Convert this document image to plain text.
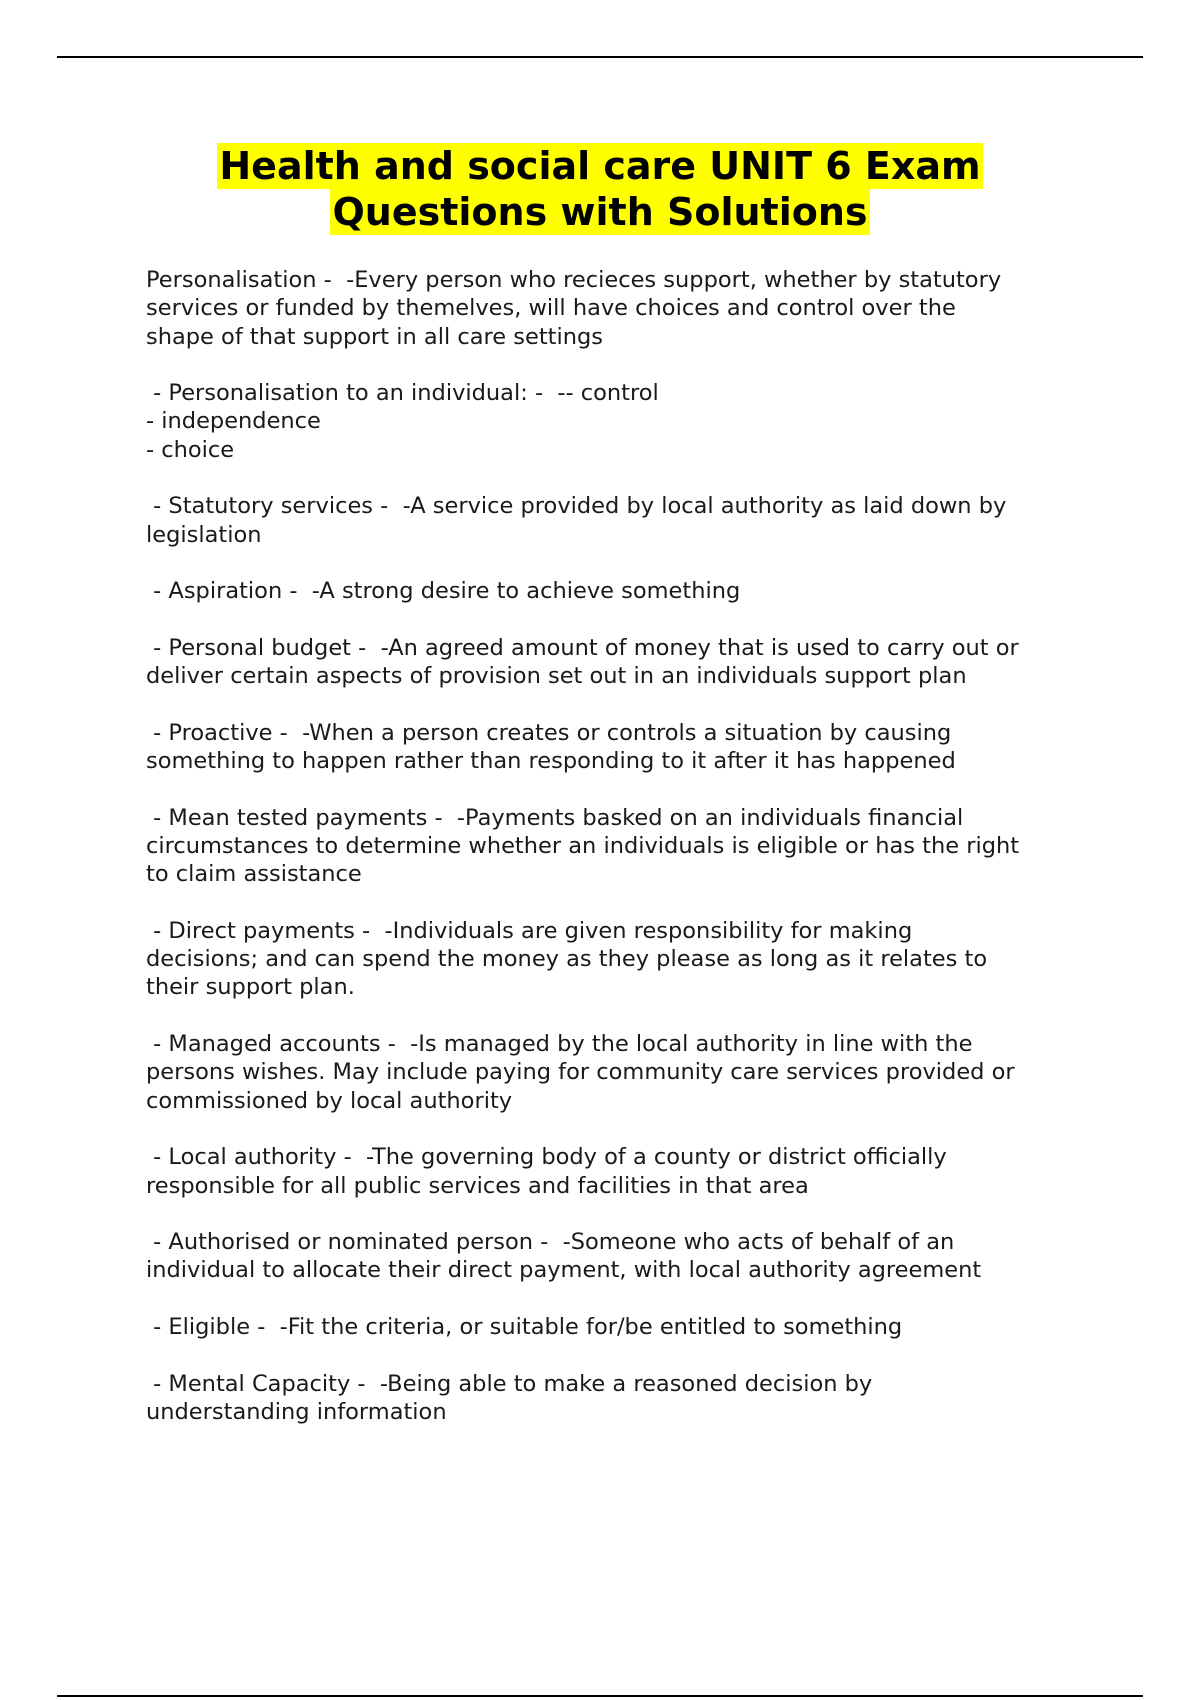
Health and social care UNIT 6 Exam
Questions with Solutions
Personalisation -  -Every person who recieces support, whether by statutory
services or funded by themelves, will have choices and control over the
shape of that support in all care settings
- Personalisation to an individual: -  -- control
- independence
- choice
- Statutory services -  -A service provided by local authority as laid down by
legislation
- Aspiration -  -A strong desire to achieve something
- Personal budget -  -An agreed amount of money that is used to carry out or
deliver certain aspects of provision set out in an individuals support plan
- Proactive -  -When a person creates or controls a situation by causing
something to happen rather than responding to it after it has happened
- Mean tested payments -  -Payments basked on an individuals financial
circumstances to determine whether an individuals is eligible or has the right
to claim assistance
- Direct payments -  -Individuals are given responsibility for making
decisions; and can spend the money as they please as long as it relates to
their support plan.
- Managed accounts -  -Is managed by the local authority in line with the
persons wishes. May include paying for community care services provided or
commissioned by local authority
- Local authority -  -The governing body of a county or district officially
responsible for all public services and facilities in that area
- Authorised or nominated person -  -Someone who acts of behalf of an
individual to allocate their direct payment, with local authority agreement
- Eligible -  -Fit the criteria, or suitable for/be entitled to something
- Mental Capacity -  -Being able to make a reasoned decision by
understanding information
